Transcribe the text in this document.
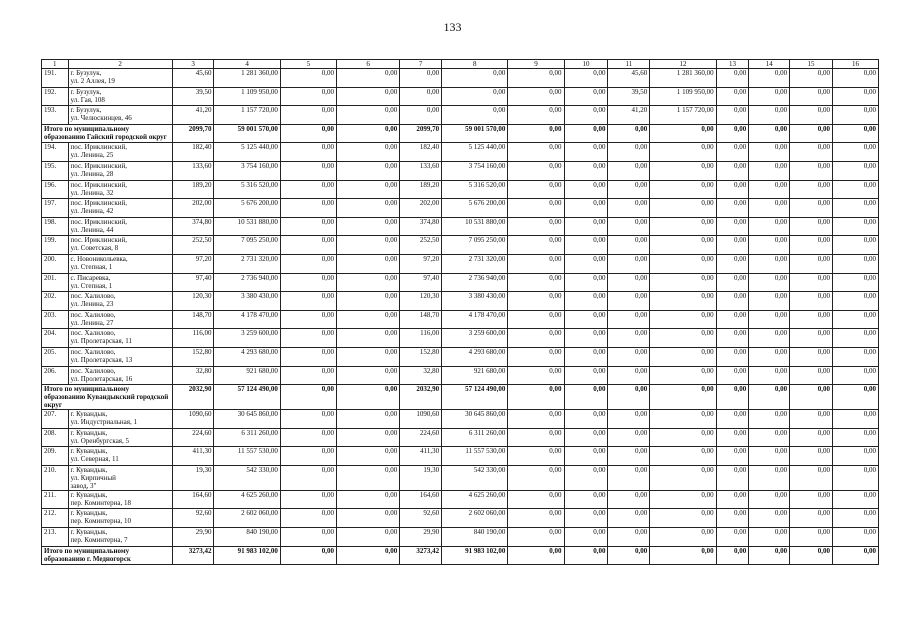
133
1	2	3	4	5	6	7	8	9	10	11	12	13	14	15	16
191.	г. Бузулук,
ул. 2 Аллея, 19	45,60	1 281 360,00	0,00	0,00	0,00	0,00	0,00	0,00	45,60	1 281 360,00	0,00	0,00	0,00	0,00
192.	г. Бузулук,
ул. Гая, 108	39,50	1 109 950,00	0,00	0,00	0,00	0,00	0,00	0,00	39,50	1 109 950,00	0,00	0,00	0,00	0,00
193.	г. Бузулук,
ул. Челюскинцев, 46	41,20	1 157 720,00	0,00	0,00	0,00	0,00	0,00	0,00	41,20	1 157 720,00	0,00	0,00	0,00	0,00
Итого по муниципальному образованию Гайский городской округ		2099,70	59 001 570,00	0,00	0,00	2099,70	59 001 570,00	0,00	0,00	0,00	0,00	0,00	0,00	0,00	0,00
194.	пос. Ириклинский,
ул. Ленина, 25	182,40	5 125 440,00	0,00	0,00	182,40	5 125 440,00	0,00	0,00	0,00	0,00	0,00	0,00	0,00	0,00
195.	пос. Ириклинский,
ул. Ленина, 28	133,60	3 754 160,00	0,00	0,00	133,60	3 754 160,00	0,00	0,00	0,00	0,00	0,00	0,00	0,00	0,00
196.	пос. Ириклинский,
ул. Ленина, 32	189,20	5 316 520,00	0,00	0,00	189,20	5 316 520,00	0,00	0,00	0,00	0,00	0,00	0,00	0,00	0,00
197.	пос. Ириклинский,
ул. Ленина, 42	202,00	5 676 200,00	0,00	0,00	202,00	5 676 200,00	0,00	0,00	0,00	0,00	0,00	0,00	0,00	0,00
198.	пос. Ириклинский,
ул. Ленина, 44	374,80	10 531 880,00	0,00	0,00	374,80	10 531 880,00	0,00	0,00	0,00	0,00	0,00	0,00	0,00	0,00
199.	пос. Ириклинский,
ул. Советская, 8	252,50	7 095 250,00	0,00	0,00	252,50	7 095 250,00	0,00	0,00	0,00	0,00	0,00	0,00	0,00	0,00
200.	с. Новоникольевка,
ул. Степная, 1	97,20	2 731 320,00	0,00	0,00	97,20	2 731 320,00	0,00	0,00	0,00	0,00	0,00	0,00	0,00	0,00
201.	с. Писаревка,
ул. Степная, 1	97,40	2 736 940,00	0,00	0,00	97,40	2 736 940,00	0,00	0,00	0,00	0,00	0,00	0,00	0,00	0,00
202.	пос. Халилово,
ул. Ленина, 23	120,30	3 380 430,00	0,00	0,00	120,30	3 380 430,00	0,00	0,00	0,00	0,00	0,00	0,00	0,00	0,00
203.	пос. Халилово,
ул. Ленина, 27	148,70	4 178 470,00	0,00	0,00	148,70	4 178 470,00	0,00	0,00	0,00	0,00	0,00	0,00	0,00	0,00
204.	пос. Халилово,
ул. Пролетарская, 11	116,00	3 259 600,00	0,00	0,00	116,00	3 259 600,00	0,00	0,00	0,00	0,00	0,00	0,00	0,00	0,00
205.	пос. Халилово,
ул. Пролетарская, 13	152,80	4 293 680,00	0,00	0,00	152,80	4 293 680,00	0,00	0,00	0,00	0,00	0,00	0,00	0,00	0,00
206.	пос. Халилово,
ул. Пролетарская, 16	32,80	921 680,00	0,00	0,00	32,80	921 680,00	0,00	0,00	0,00	0,00	0,00	0,00	0,00	0,00
Итого по муниципальному образованию Кувандыкский городской округ		2032,90	57 124 490,00	0,00	0,00	2032,90	57 124 490,00	0,00	0,00	0,00	0,00	0,00	0,00	0,00	0,00
207.	г. Кувандык,
ул. Индустриальная, 1	1090,60	30 645 860,00	0,00	0,00	1090,60	30 645 860,00	0,00	0,00	0,00	0,00	0,00	0,00	0,00	0,00
208.	г. Кувандык,
ул. Оренбургская, 5	224,60	6 311 260,00	0,00	0,00	224,60	6 311 260,00	0,00	0,00	0,00	0,00	0,00	0,00	0,00	0,00
209.	г. Кувандык,
ул. Северная, 11	411,30	11 557 530,00	0,00	0,00	411,30	11 557 530,00	0,00	0,00	0,00	0,00	0,00	0,00	0,00	0,00
210.	г. Кувандык,
ул. Кирпичный
завод, 3"	19,30	542 330,00	0,00	0,00	19,30	542 330,00	0,00	0,00	0,00	0,00	0,00	0,00	0,00	0,00
211.	г. Кувандык,
пер. Коминтерна, 18	164,60	4 625 260,00	0,00	0,00	164,60	4 625 260,00	0,00	0,00	0,00	0,00	0,00	0,00	0,00	0,00
212.	г. Кувандык,
пер. Коминтерна, 10	92,60	2 602 060,00	0,00	0,00	92,60	2 602 060,00	0,00	0,00	0,00	0,00	0,00	0,00	0,00	0,00
213.	г. Кувандык,
пер. Коминтерна, 7	29,90	840 190,00	0,00	0,00	29,90	840 190,00	0,00	0,00	0,00	0,00	0,00	0,00	0,00	0,00
Итого по муниципальному образованию г. Медногорск		3273,42	91 983 102,00	0,00	0,00	3273,42	91 983 102,00	0,00	0,00	0,00	0,00	0,00	0,00	0,00	0,00
